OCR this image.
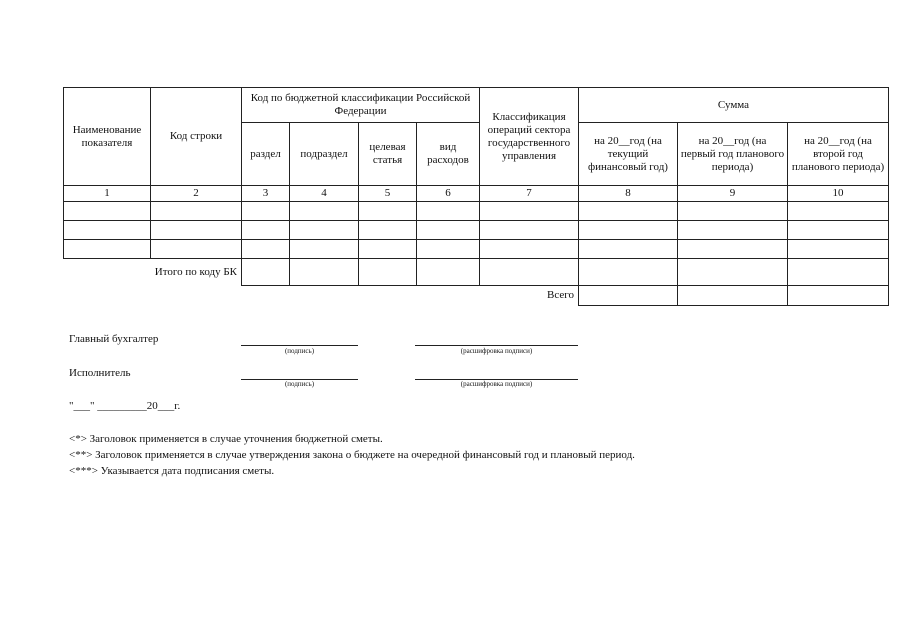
Наименование показателя	Код строки	Код по бюджетной классификации Российской Федерации				Классификация операций сектора государственного управления	Сумма		
		раздел	подраздел	целевая статья	вид расходов		на 20__год (на текущий финансовый год)	на 20__год (на первый год планового периода)	на 20__год (на второй год планового периода)
1	2	3	4	5	6	7	8	9	10

	Итого по коду БК								
						Всего			
Главный бухгалтер
(подпись)	(расшифровка подписи)
Исполнитель
(подпись)	(расшифровка подписи)
"___" _________20___г.
<*> Заголовок применяется в случае уточнения бюджетной сметы.
<**> Заголовок применяется в случае утверждения закона о бюджете на очередной финансовый год и плановый период.
<***> Указывается дата подписания сметы.
